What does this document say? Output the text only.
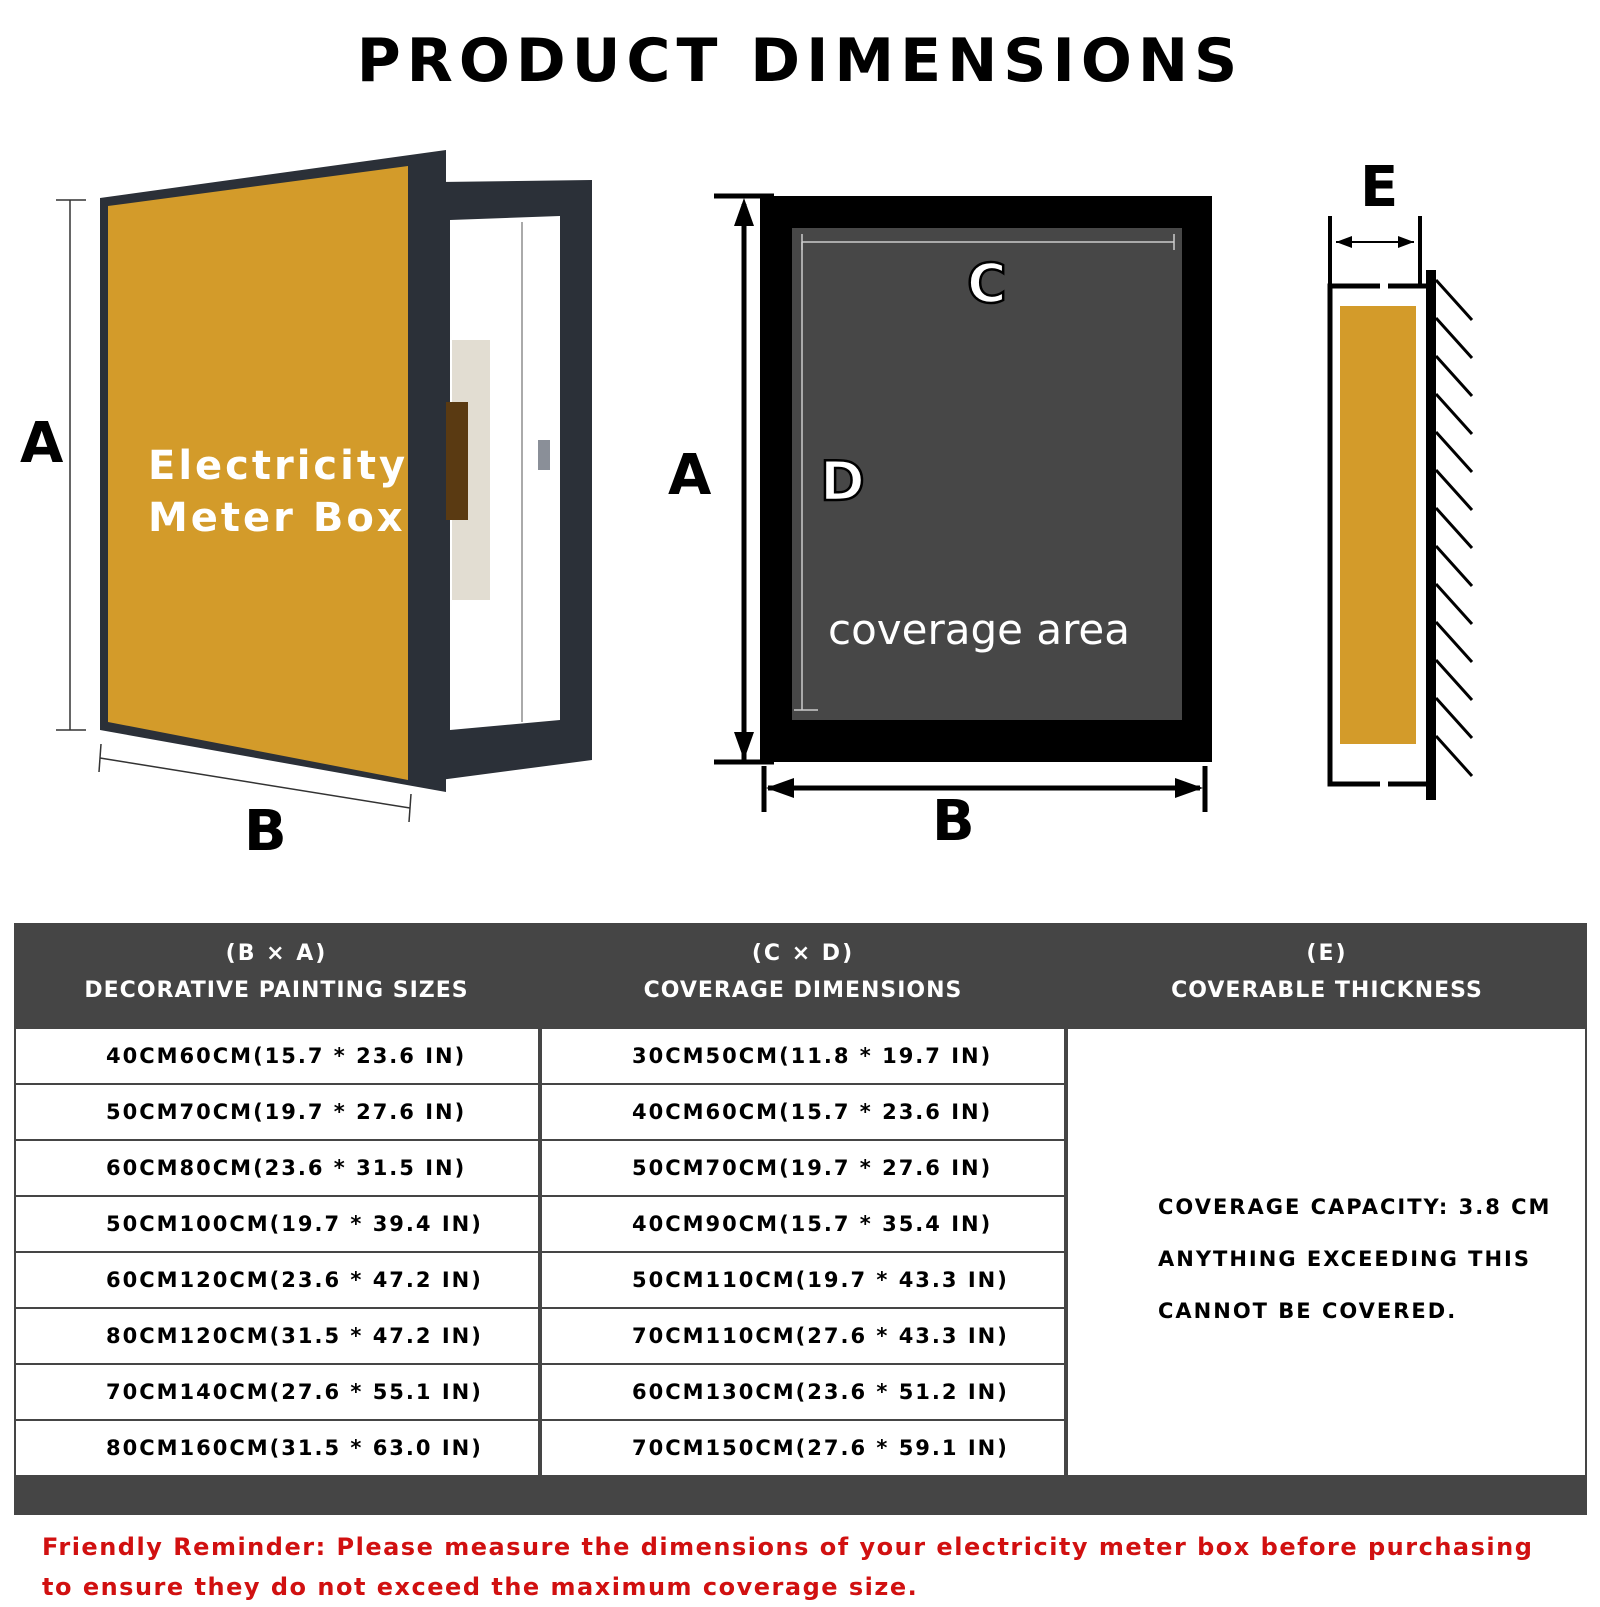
PRODUCT DIMENSIONS
A
B
Electricity
Meter Box
A
B
C
D
coverage area
E
(B × A)
DECORATIVE PAINTING SIZES
(C × D)
COVERAGE DIMENSIONS
(E)
COVERABLE THICKNESS
40CM60CM(15.7 * 23.6 IN)	30CM50CM(11.8 * 19.7 IN)
50CM70CM(19.7 * 27.6 IN)	40CM60CM(15.7 * 23.6 IN)
60CM80CM(23.6 * 31.5 IN)	50CM70CM(19.7 * 27.6 IN)
50CM100CM(19.7 * 39.4 IN)	40CM90CM(15.7 * 35.4 IN)
60CM120CM(23.6 * 47.2 IN)	50CM110CM(19.7 * 43.3 IN)
80CM120CM(31.5 * 47.2 IN)	70CM110CM(27.6 * 43.3 IN)
70CM140CM(27.6 * 55.1 IN)	60CM130CM(23.6 * 51.2 IN)
80CM160CM(31.5 * 63.0 IN)	70CM150CM(27.6 * 59.1 IN)
COVERAGE CAPACITY: 3.8 CM
ANYTHING EXCEEDING THIS
CANNOT BE COVERED.
Friendly Reminder: Please measure the dimensions of your electricity meter box before purchasing to ensure they do not exceed the maximum coverage size.
